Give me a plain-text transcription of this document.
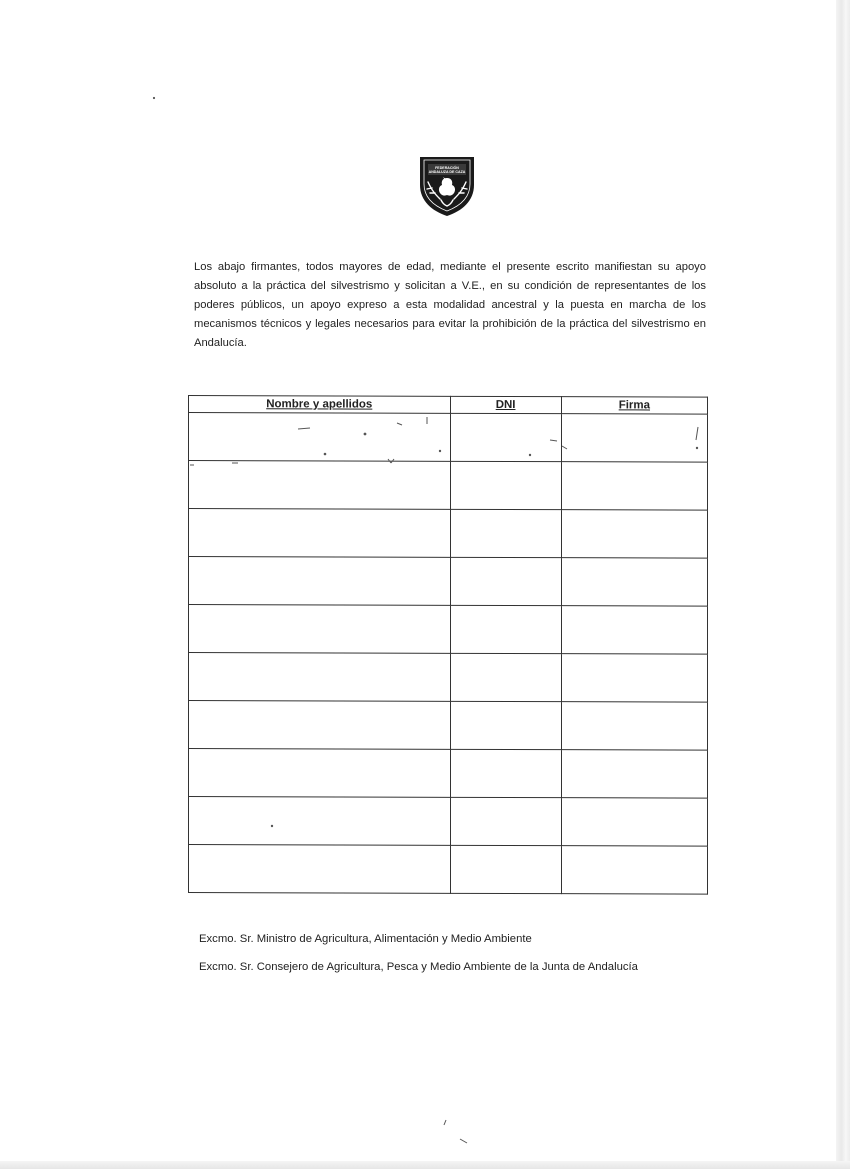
FEDERACIÓN
ANDALUZA DE CAZA

Los abajo firmantes, todos mayores de edad, mediante el presente escrito manifiestan su apoyo absoluto a la práctica del silvestrismo y solicitan a V.E., en su condición de representantes de los poderes públicos, un apoyo expreso a esta modalidad ancestral y la puesta en marcha de los mecanismos técnicos y legales necesarios para evitar la prohibición de la práctica del silvestrismo en Andalucía.

Nombre y apellidos	DNI	Firma

Excmo. Sr. Ministro de Agricultura, Alimentación y Medio Ambiente

Excmo. Sr. Consejero de Agricultura, Pesca y Medio Ambiente de la Junta de Andalucía
